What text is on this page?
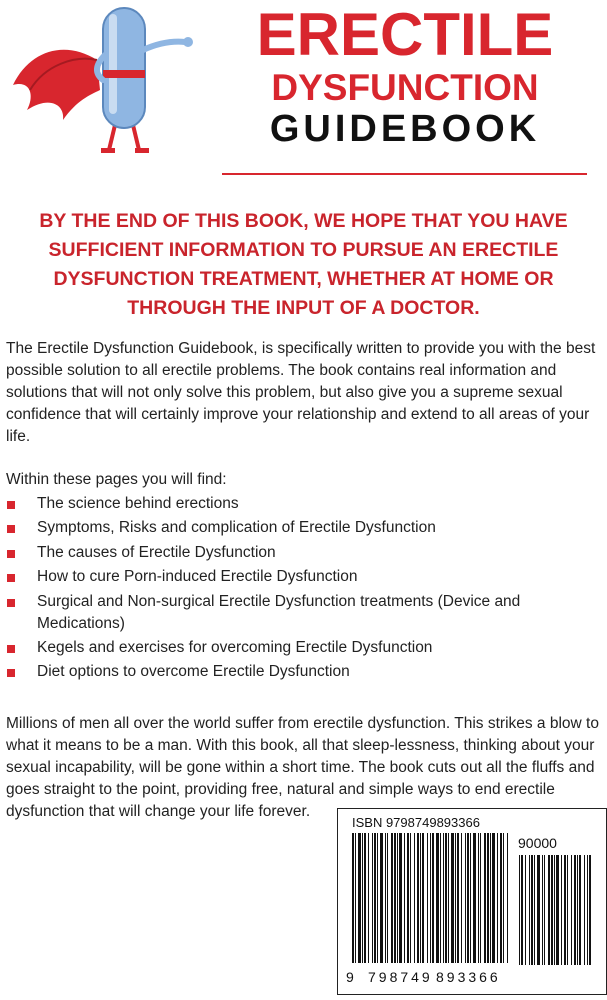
ERECTILE
DYSFUNCTION
GUIDEBOOK

BY THE END OF THIS BOOK, WE HOPE THAT YOU HAVE SUFFICIENT INFORMATION TO PURSUE AN ERECTILE DYSFUNCTION TREATMENT, WHETHER AT HOME OR THROUGH THE INPUT OF A DOCTOR.

The Erectile Dysfunction Guidebook, is specifically written to provide you with the best possible solution to all erectile problems. The book contains real information and solutions that will not only solve this problem, but also give you a supreme sexual confidence that will certainly improve your relationship and extend to all areas of your life.

Within these pages you will find:

The science behind erections
Symptoms, Risks and complication of Erectile Dysfunction
The causes of Erectile Dysfunction
How to cure Porn-induced Erectile Dysfunction
Surgical and Non-surgical Erectile Dysfunction treatments (Device and Medications)
Kegels and exercises for overcoming Erectile Dysfunction
Diet options to overcome Erectile Dysfunction

Millions of men all over the world suffer from erectile dysfunction. This strikes a blow to what it means to be a man. With this book, all that sleep-lessness, thinking about your sexual incapability, will be gone within a short time. The book cuts out all the fluffs and goes straight to the point, providing free, natural and simple ways to end erectile dysfunction that will change your life forever.

ISBN 9798749893366
90000
9 798749 893366
